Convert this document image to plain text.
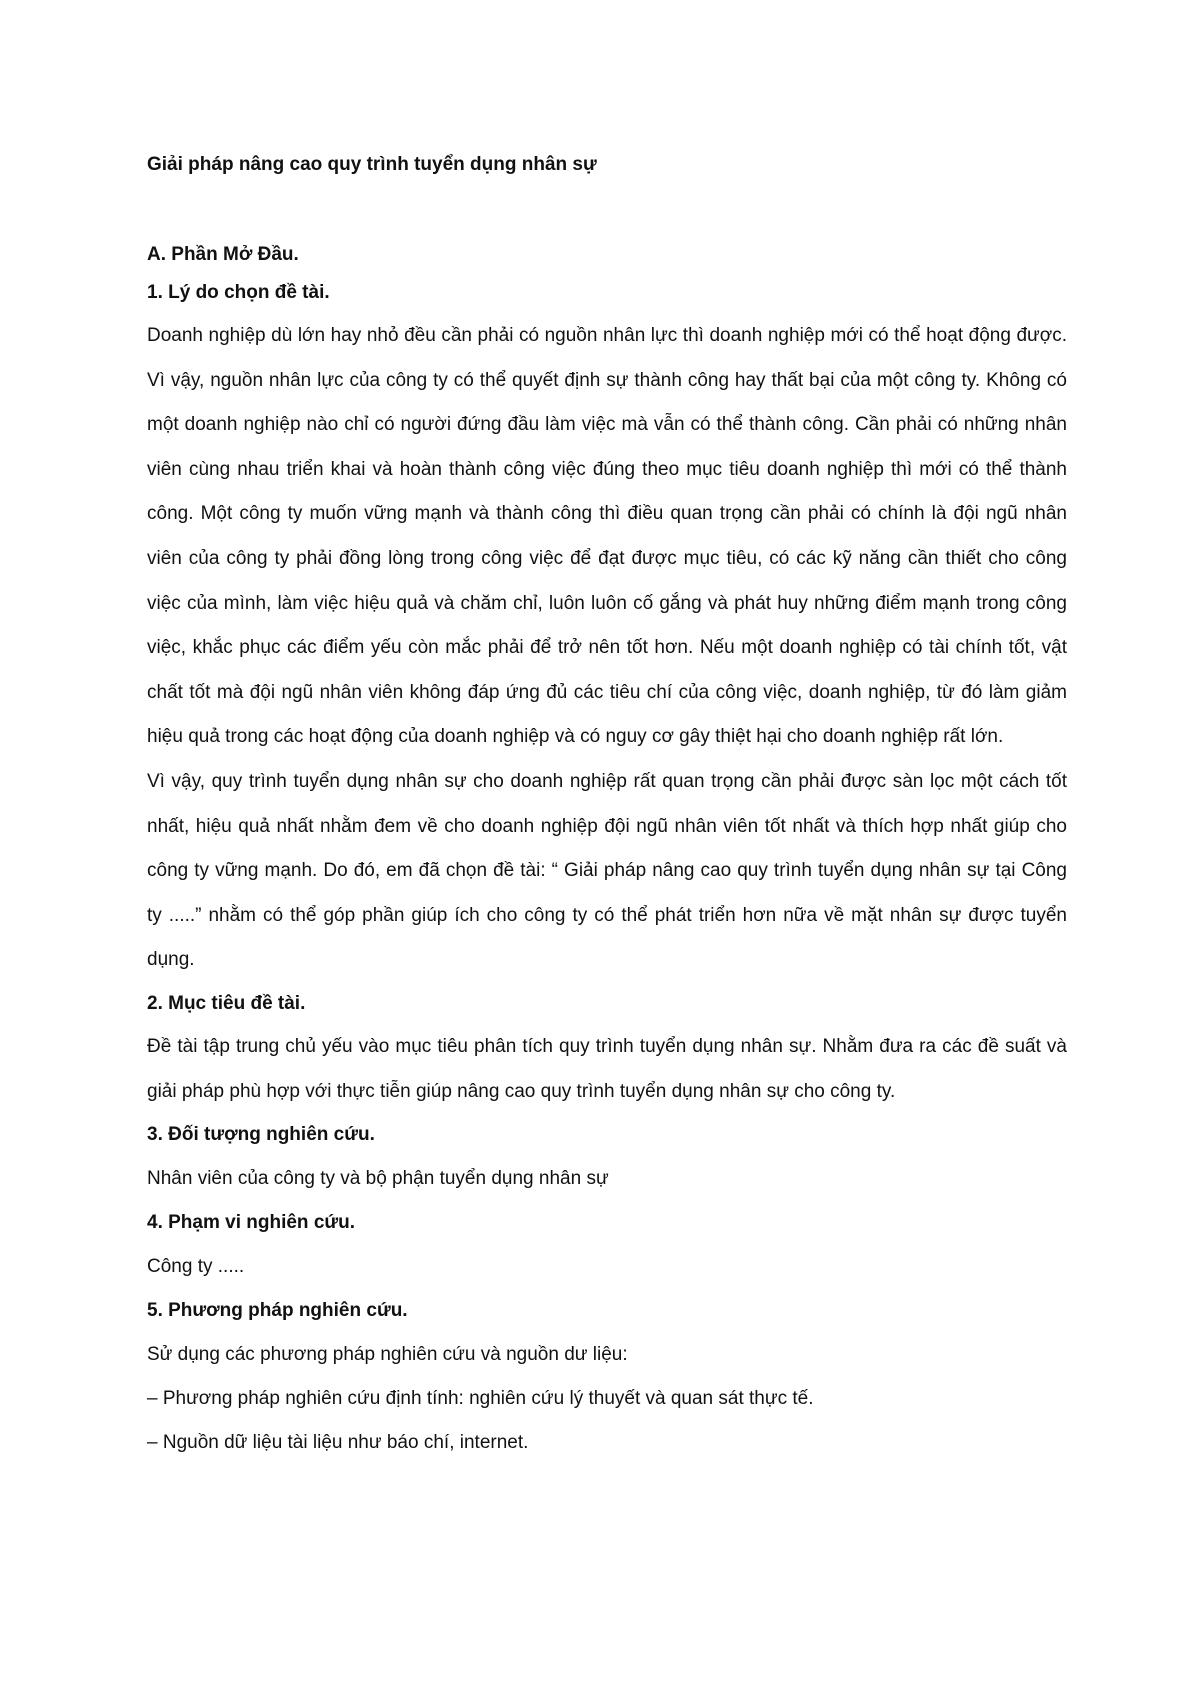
Giải pháp nâng cao quy trình tuyển dụng nhân sự

A. Phần Mở Đầu.

1. Lý do chọn đề tài.

Doanh nghiệp dù lớn hay nhỏ đều cần phải có nguồn nhân lực thì doanh nghiệp mới có thể hoạt động được. Vì vậy, nguồn nhân lực của công ty có thể quyết định sự thành công hay thất bại của một công ty. Không có một doanh nghiệp nào chỉ có người đứng đầu làm việc mà vẫn có thể thành công. Cần phải có những nhân viên cùng nhau triển khai và hoàn thành công việc đúng theo mục tiêu doanh nghiệp thì mới có thể thành công. Một công ty muốn vững mạnh và thành công thì điều quan trọng cần phải có chính là đội ngũ nhân viên của công ty phải đồng lòng trong công việc để đạt được mục tiêu, có các kỹ năng cần thiết cho công việc của mình, làm việc hiệu quả và chăm chỉ, luôn luôn cố gắng và phát huy những điểm mạnh trong công việc, khắc phục các điểm yếu còn mắc phải để trở nên tốt hơn. Nếu một doanh nghiệp có tài chính tốt, vật chất tốt mà đội ngũ nhân viên không đáp ứng đủ các tiêu chí của công việc, doanh nghiệp, từ đó làm giảm hiệu quả trong các hoạt động của doanh nghiệp và có nguy cơ gây thiệt hại cho doanh nghiệp rất lớn.

Vì vậy, quy trình tuyển dụng nhân sự cho doanh nghiệp rất quan trọng cần phải được sàn lọc một cách tốt nhất, hiệu quả nhất nhằm đem về cho doanh nghiệp đội ngũ nhân viên tốt nhất và thích hợp nhất giúp cho công ty vững mạnh. Do đó, em đã chọn đề tài: “ Giải pháp nâng cao quy trình tuyển dụng nhân sự tại Công ty .....” nhằm có thể góp phần giúp ích cho công ty có thể phát triển hơn nữa về mặt nhân sự được tuyển dụng.

2. Mục tiêu đề tài.

Đề tài tập trung chủ yếu vào mục tiêu phân tích quy trình tuyển dụng nhân sự. Nhằm đưa ra các đề suất và giải pháp phù hợp với thực tiễn giúp nâng cao quy trình tuyển dụng nhân sự cho công ty.

3. Đối tượng nghiên cứu.

Nhân viên của công ty và bộ phận tuyển dụng nhân sự

4. Phạm vi nghiên cứu.

Công ty .....

5. Phương pháp nghiên cứu.

Sử dụng các phương pháp nghiên cứu và nguồn dư liệu:

– Phương pháp nghiên cứu định tính: nghiên cứu lý thuyết và quan sát thực tế.

– Nguồn dữ liệu tài liệu như báo chí, internet.
